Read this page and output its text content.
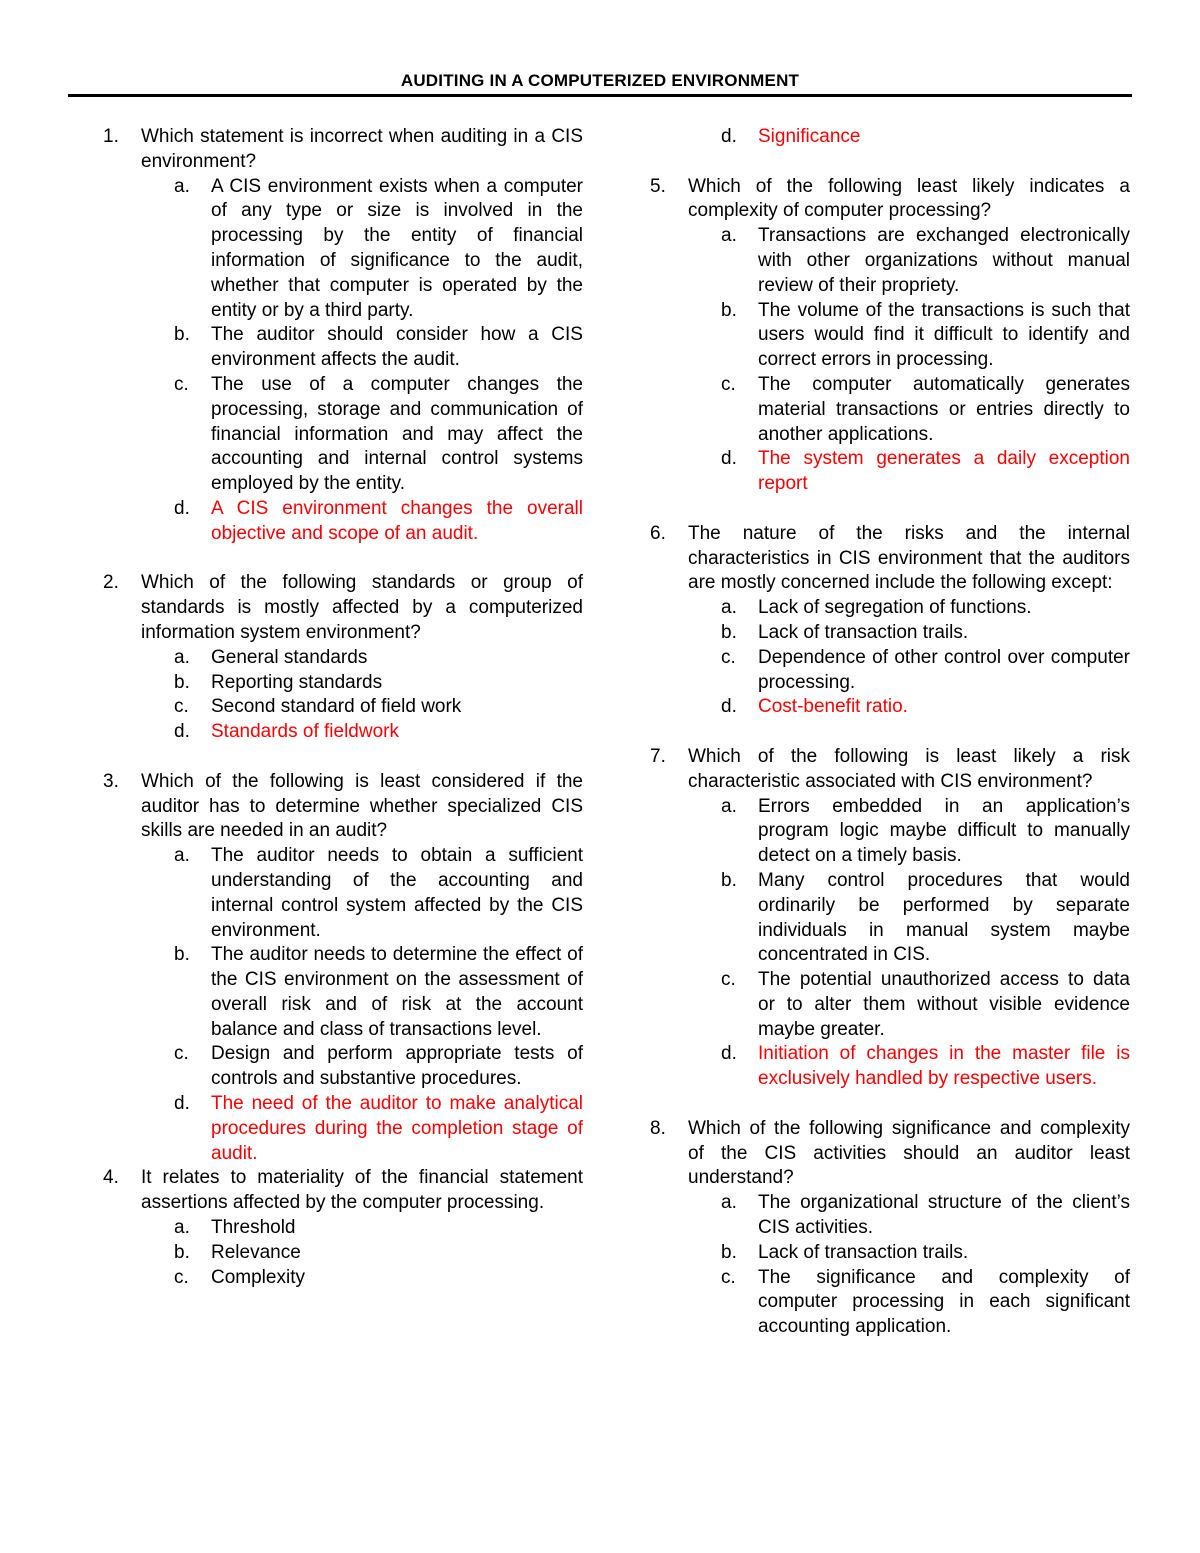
AUDITING IN A COMPUTERIZED ENVIRONMENT
1.	Which statement is incorrect when auditing in a CIS environment?
a.	A CIS environment exists when a computer of any type or size is involved in the processing by the entity of financial information of significance to the audit, whether that computer is operated by the entity or by a third party.
b.	The auditor should consider how a CIS environment affects the audit.
c.	The use of a computer changes the processing, storage and communication of financial information and may affect the accounting and internal control systems employed by the entity.
d.	A CIS environment changes the overall objective and scope of an audit.
2.	Which of the following standards or group of standards is mostly affected by a computerized information system environment?
a.	General standards
b.	Reporting standards
c.	Second standard of field work
d.	Standards of fieldwork
3.	Which of the following is least considered if the auditor has to determine whether specialized CIS skills are needed in an audit?
a.	The auditor needs to obtain a sufficient understanding of the accounting and internal control system affected by the CIS environment.
b.	The auditor needs to determine the effect of the CIS environment on the assessment of overall risk and of risk at the account balance and class of transactions level.
c.	Design and perform appropriate tests of controls and substantive procedures.
d.	The need of the auditor to make analytical procedures during the completion stage of audit.
4.	It relates to materiality of the financial statement assertions affected by the computer processing.
a.	Threshold
b.	Relevance
c.	Complexity
d.	Significance
5.	Which of the following least likely indicates a complexity of computer processing?
a.	Transactions are exchanged electronically with other organizations without manual review of their propriety.
b.	The volume of the transactions is such that users would find it difficult to identify and correct errors in processing.
c.	The computer automatically generates material transactions or entries directly to another applications.
d.	The system generates a daily exception report
6.	The nature of the risks and the internal characteristics in CIS environment that the auditors are mostly concerned include the following except:
a.	Lack of segregation of functions.
b.	Lack of transaction trails.
c.	Dependence of other control over computer processing.
d.	Cost-benefit ratio.
7.	Which of the following is least likely a risk characteristic associated with CIS environment?
a.	Errors embedded in an application’s program logic maybe difficult to manually detect on a timely basis.
b.	Many control procedures that would ordinarily be performed by separate individuals in manual system maybe concentrated in CIS.
c.	The potential unauthorized access to data or to alter them without visible evidence maybe greater.
d.	Initiation of changes in the master file is exclusively handled by respective users.
8.	Which of the following significance and complexity of the CIS activities should an auditor least understand?
a.	The organizational structure of the client’s CIS activities.
b.	Lack of transaction trails.
c.	The significance and complexity of computer processing in each significant accounting application.
